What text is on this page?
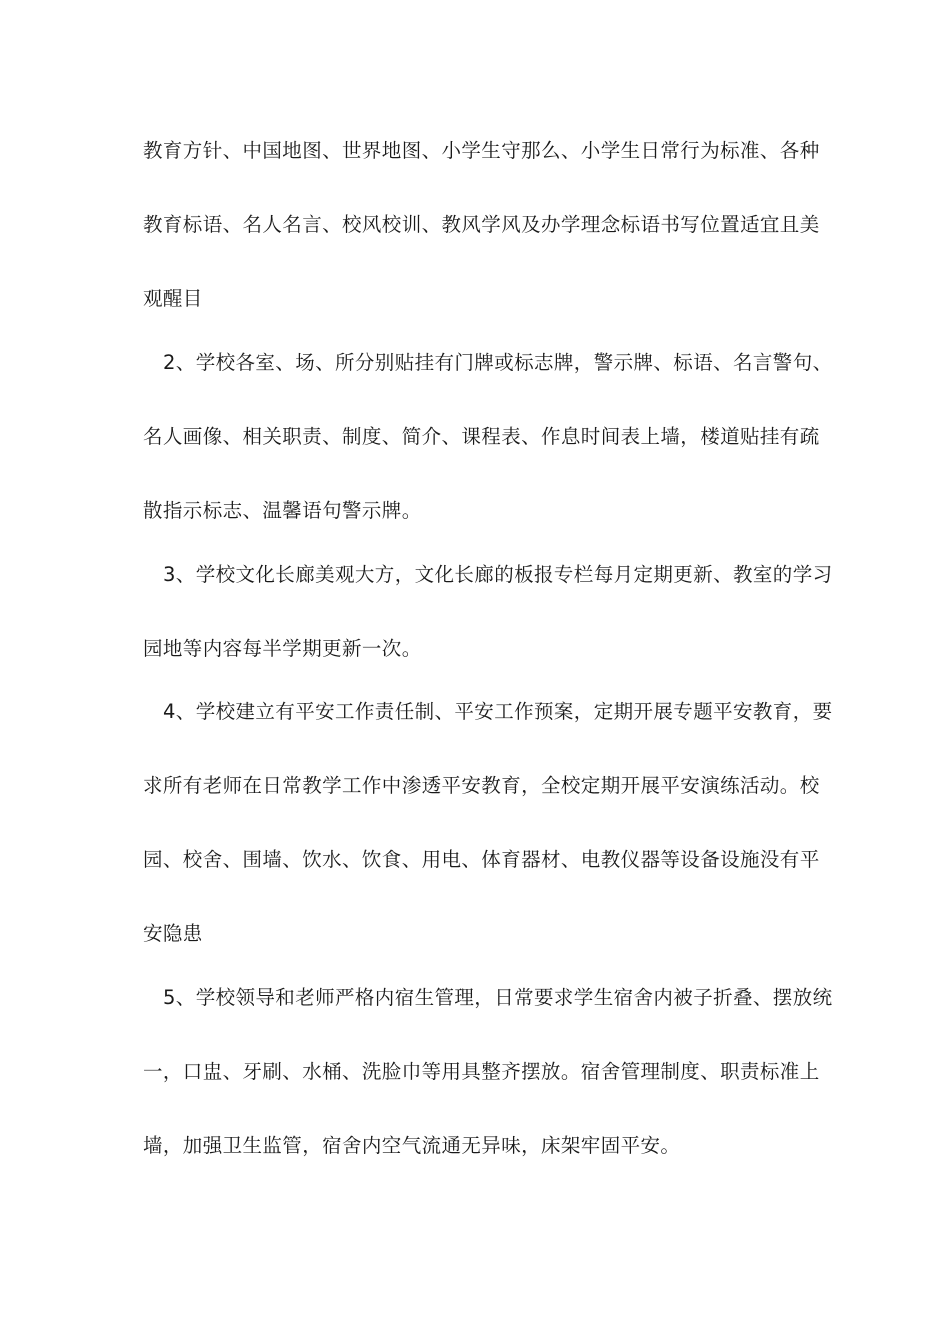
教育方针、中国地图、世界地图、小学生守那么、小学生日常行为标准、各种
教育标语、名人名言、校风校训、教风学风及办学理念标语书写位置适宜且美
观醒目
2、学校各室、场、所分别贴挂有门牌或标志牌，警示牌、标语、名言警句、
名人画像、相关职责、制度、简介、课程表、作息时间表上墙，楼道贴挂有疏
散指示标志、温馨语句警示牌。
3、学校文化长廊美观大方，文化长廊的板报专栏每月定期更新、教室的学习
园地等内容每半学期更新一次。
4、学校建立有平安工作责任制、平安工作预案，定期开展专题平安教育，要
求所有老师在日常教学工作中渗透平安教育，全校定期开展平安演练活动。校
园、校舍、围墙、饮水、饮食、用电、体育器材、电教仪器等设备设施没有平
安隐患
5、学校领导和老师严格内宿生管理，日常要求学生宿舍内被子折叠、摆放统
一，口盅、牙刷、水桶、洗脸巾等用具整齐摆放。宿舍管理制度、职责标准上
墙，加强卫生监管，宿舍内空气流通无异味，床架牢固平安。
